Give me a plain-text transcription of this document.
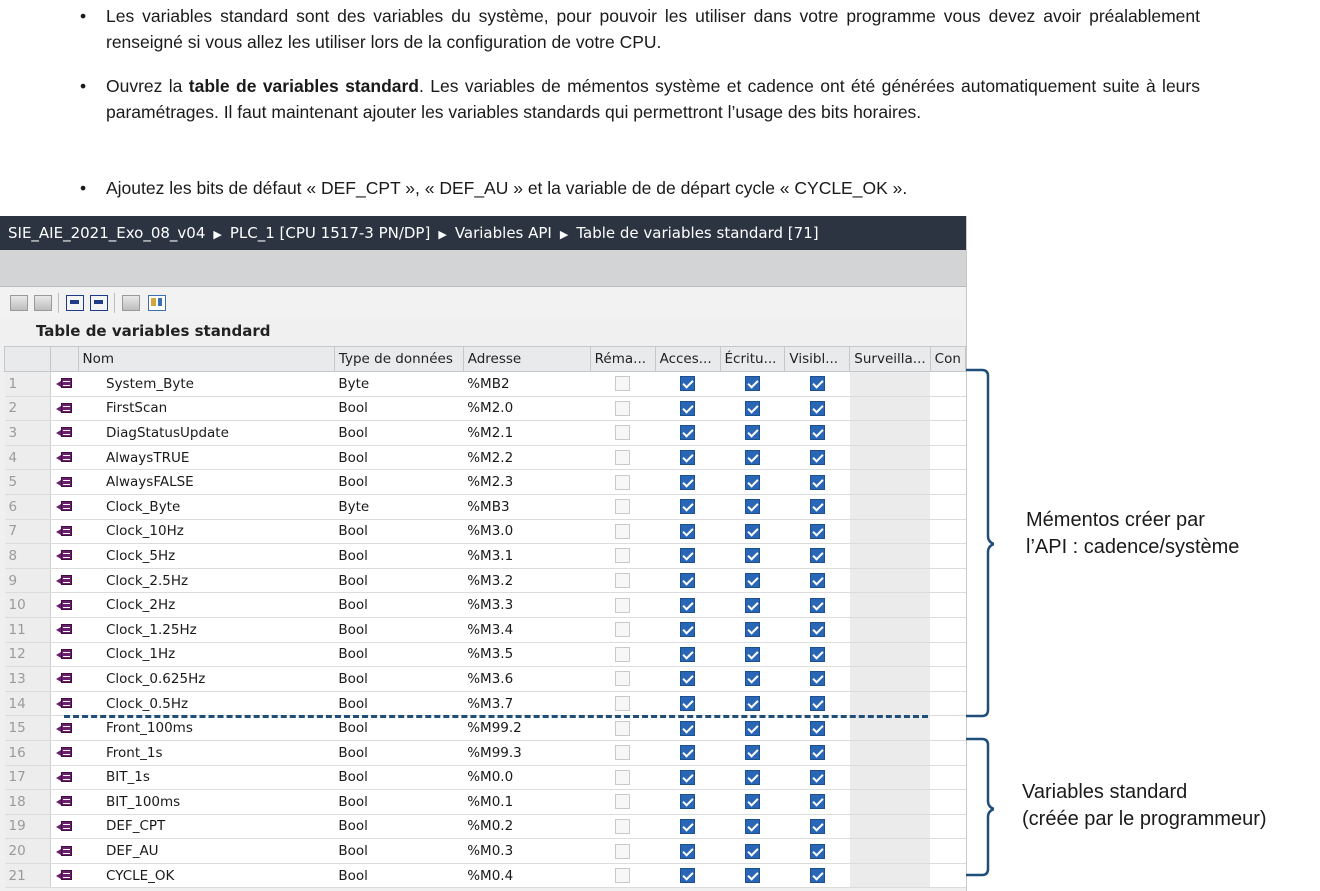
• Les variables standard sont des variables du système, pour pouvoir les utiliser dans votre programme vous devez avoir préalablement renseigné si vous allez les utiliser lors de la configuration de votre CPU.
• Ouvrez la table de variables standard. Les variables de mémentos système et cadence ont été générées automatiquement suite à leurs paramétrages. Il faut maintenant ajouter les variables standards qui permettront l’usage des bits horaires.
• Ajoutez les bits de défaut « DEF_CPT », « DEF_AU » et la variable de de départ cycle « CYCLE_OK ».
SIE_AIE_2021_Exo_08_v04 ▶ PLC_1 [CPU 1517-3 PN/DP] ▶ Variables API ▶ Table de variables standard [71]
Table de variables standard
		Nom	Type de données	Adresse	Réma...	Acces...	Écritu...	Visibl...	Surveilla...	Con
1		System_Byte	Byte	%MB2						
2		FirstScan	Bool	%M2.0						
3		DiagStatusUpdate	Bool	%M2.1						
4		AlwaysTRUE	Bool	%M2.2						
5		AlwaysFALSE	Bool	%M2.3						
6		Clock_Byte	Byte	%MB3						
7		Clock_10Hz	Bool	%M3.0						
8		Clock_5Hz	Bool	%M3.1						
9		Clock_2.5Hz	Bool	%M3.2						
10		Clock_2Hz	Bool	%M3.3						
11		Clock_1.25Hz	Bool	%M3.4						
12		Clock_1Hz	Bool	%M3.5						
13		Clock_0.625Hz	Bool	%M3.6						
14		Clock_0.5Hz	Bool	%M3.7						
15		Front_100ms	Bool	%M99.2						
16		Front_1s	Bool	%M99.3						
17		BIT_1s	Bool	%M0.0						
18		BIT_100ms	Bool	%M0.1						
19		DEF_CPT	Bool	%M0.2						
20		DEF_AU	Bool	%M0.3						
21		CYCLE_OK	Bool	%M0.4						
Mémentos créer par
l’API : cadence/système
Variables standard
(créée par le programmeur)
